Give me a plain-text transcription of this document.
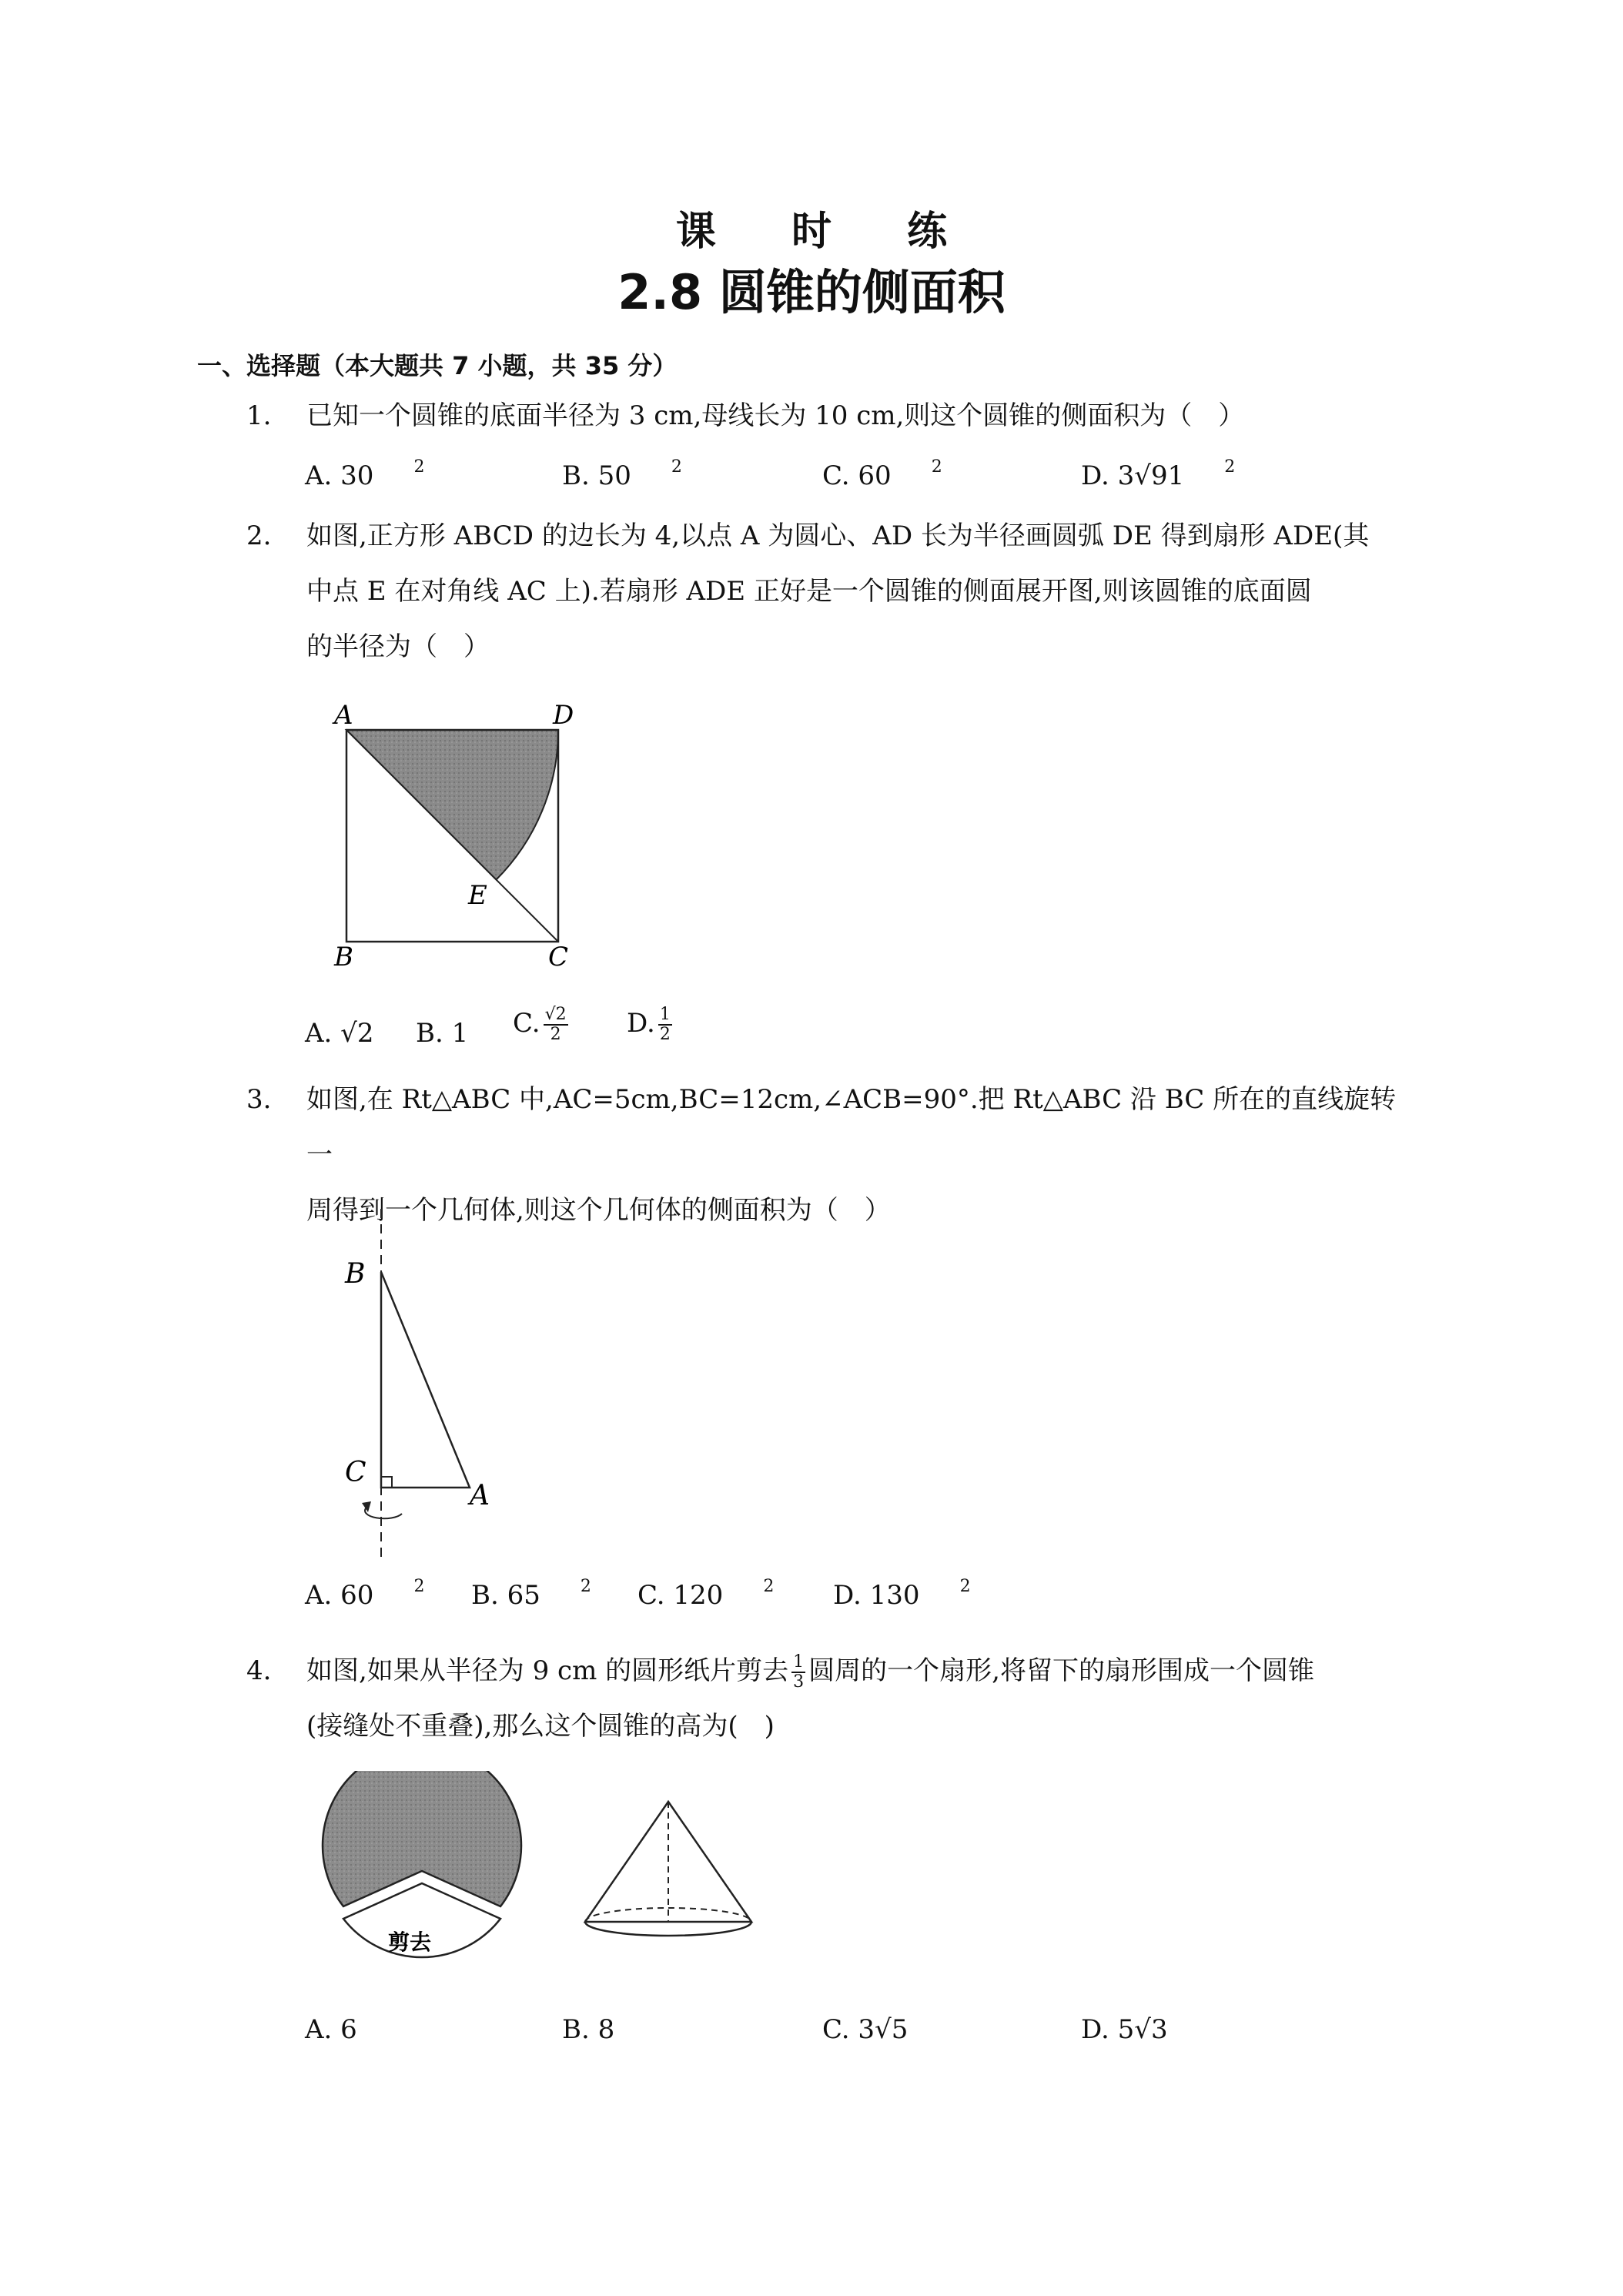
课 时 练
2.8 圆锥的侧面积
一、选择题（本大题共 7 小题，共 35 分）
1. 已知一个圆锥的底面半径为 3 cm,母线长为 10 cm,则这个圆锥的侧面积为（　）
A. 30 $^2$	B. 50 $^2$	C. 60 $^2$	D. 3√91 $^2$
2. 如图,正方形 ABCD 的边长为 4,以点 A 为圆心、AD 长为半径画圆弧 DE 得到扇形 ADE(其
中点 E 在对角线 AC 上).若扇形 ADE 正好是一个圆锥的侧面展开图,则该圆锥的底面圆
的半径为（　）
A	D
B	C
E
A. √2 B. 1 C. $\frac{√2}{2} D$. $\frac{1}{2}$
3. 如图,在 Rt△ABC 中,AC=5cm,BC=12cm,∠ACB=90°.把 Rt△ABC 沿 BC 所在的直线旋转一
周得到一个几何体,则这个几何体的侧面积为（　）
B
C
A
A. 60 $^2$ B. 65 $^2$ C. 120 $^2$ D. 130 $^2$
4. 如图,如果从半径为 9 cm 的圆形纸片剪去 $\frac{1}{3}$ 圆周的一个扇形,将留下的扇形围成一个圆锥
(接缝处不重叠),那么这个圆锥的高为(　)
剪去
A. 6	B. 8	C. 3√5	D. 5√3
